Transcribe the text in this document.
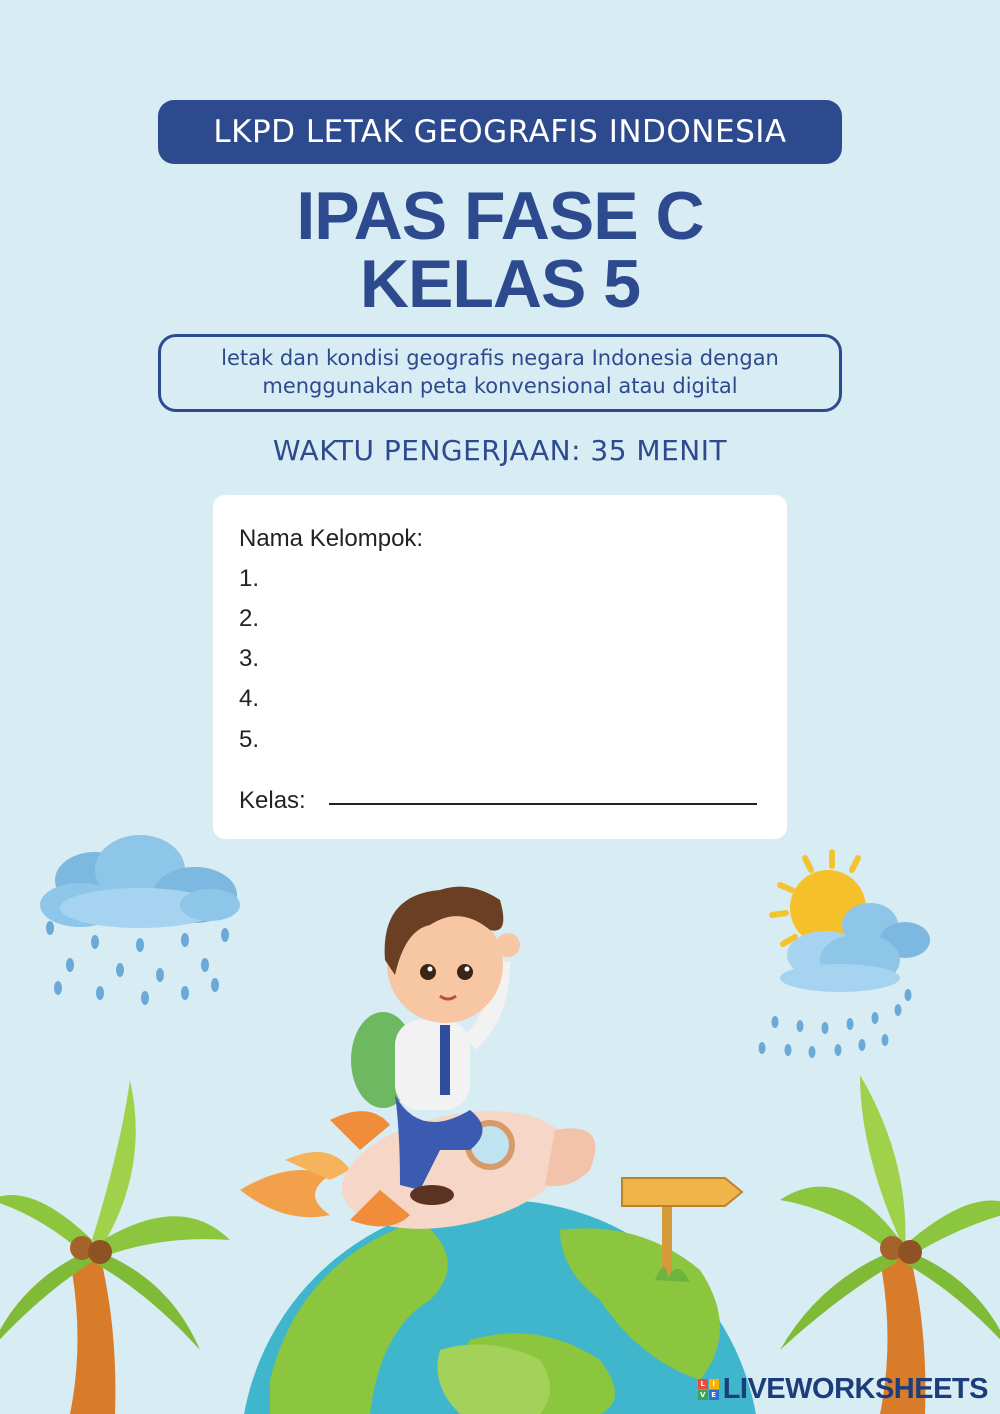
LKPD LETAK GEOGRAFIS INDONESIA
IPAS FASE C
KELAS 5
letak dan kondisi geografis negara Indonesia dengan
menggunakan peta konvensional atau digital
WAKTU PENGERJAAN: 35 MENIT
Nama Kelompok:
1.
2.
3.
4.
5.
Kelas:
L	I
V E LIVEWORKSHEETS
